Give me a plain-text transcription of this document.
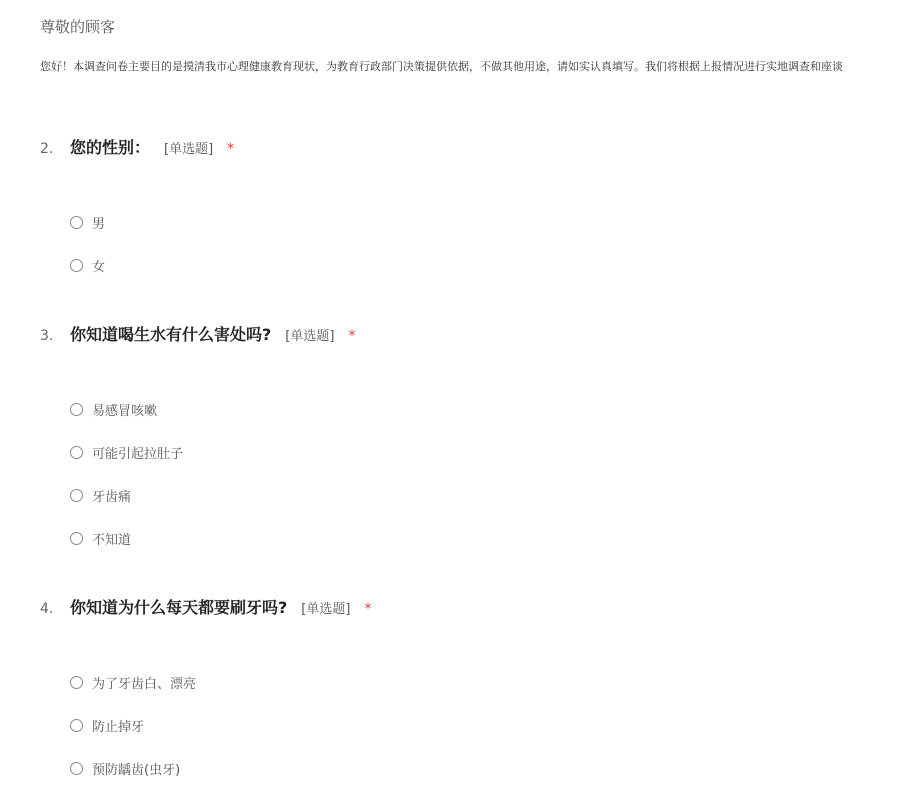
尊敬的顾客
您好！本调查问卷主要目的是摸清我市心理健康教育现状，为教育行政部门决策提供依据，不做其他用途，请如实认真填写。我们将根据上报情况进行实地调查和座谈
2.	您的性别： [单选题] *
男
女
3.	你知道喝生水有什么害处吗? [单选题] *
易感冒咳嗽
可能引起拉肚子
牙齿痛
不知道
4.	你知道为什么每天都要刷牙吗? [单选题] *
为了牙齿白、漂亮
防止掉牙
预防龋齿(虫牙)
